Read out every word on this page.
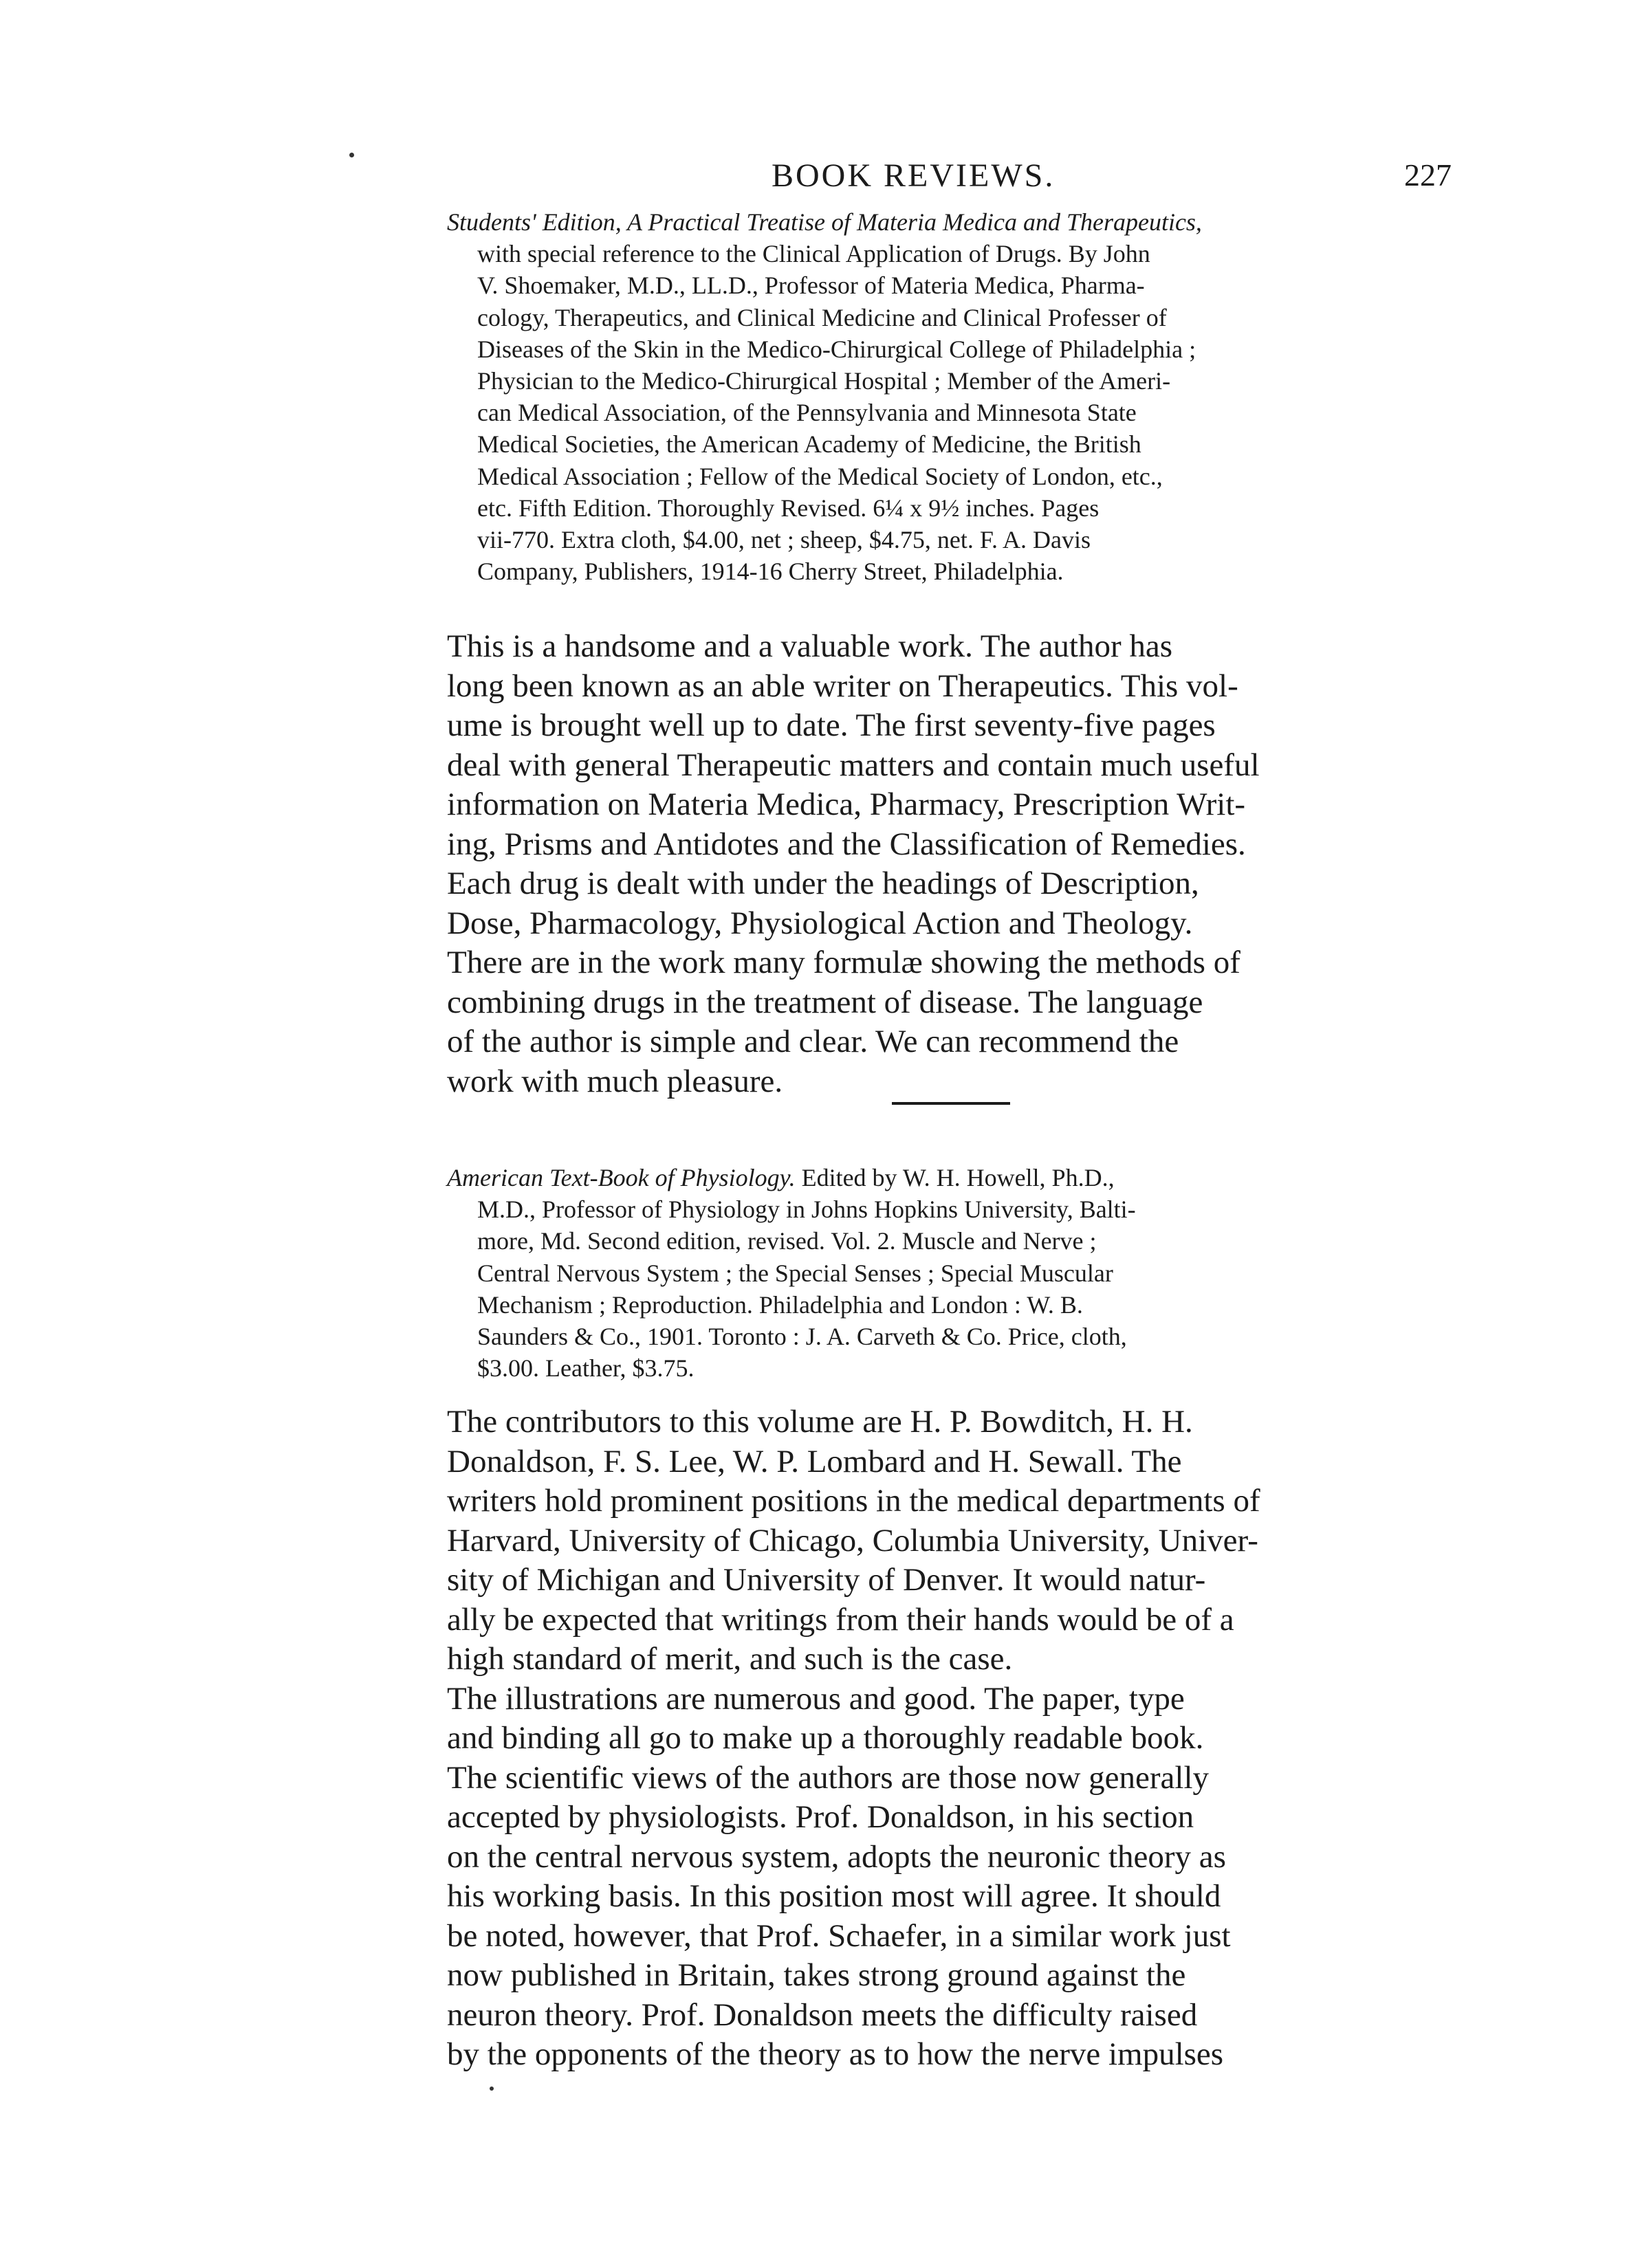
BOOK REVIEWS.	227

Students' Edition, A Practical Treatise of Materia Medica and Therapeutics,
with special reference to the Clinical Application of Drugs. By John
V. Shoemaker, M.D., LL.D., Professor of Materia Medica, Pharma-
cology, Therapeutics, and Clinical Medicine and Clinical Professer of
Diseases of the Skin in the Medico-Chirurgical College of Philadelphia ;
Physician to the Medico-Chirurgical Hospital ; Member of the Ameri-
can Medical Association, of the Pennsylvania and Minnesota State
Medical Societies, the American Academy of Medicine, the British
Medical Association ; Fellow of the Medical Society of London, etc.,
etc. Fifth Edition. Thoroughly Revised. 6¼ x 9½ inches. Pages
vii-770. Extra cloth, $4.00, net ; sheep, $4.75, net. F. A. Davis
Company, Publishers, 1914-16 Cherry Street, Philadelphia.

This is a handsome and a valuable work. The author has
long been known as an able writer on Therapeutics. This vol-
ume is brought well up to date. The first seventy-five pages
deal with general Therapeutic matters and contain much useful
information on Materia Medica, Pharmacy, Prescription Writ-
ing, Prisms and Antidotes and the Classification of Remedies.
Each drug is dealt with under the headings of Description,
Dose, Pharmacology, Physiological Action and Theology.
There are in the work many formulæ showing the methods of
combining drugs in the treatment of disease. The language
of the author is simple and clear. We can recommend the
work with much pleasure.

American Text-Book of Physiology. Edited by W. H. Howell, Ph.D.,
M.D., Professor of Physiology in Johns Hopkins University, Balti-
more, Md. Second edition, revised. Vol. 2. Muscle and Nerve ;
Central Nervous System ; the Special Senses ; Special Muscular
Mechanism ; Reproduction. Philadelphia and London : W. B.
Saunders & Co., 1901. Toronto : J. A. Carveth & Co. Price, cloth,
$3.00. Leather, $3.75.

The contributors to this volume are H. P. Bowditch, H. H.
Donaldson, F. S. Lee, W. P. Lombard and H. Sewall. The
writers hold prominent positions in the medical departments of
Harvard, University of Chicago, Columbia University, Univer-
sity of Michigan and University of Denver. It would natur-
ally be expected that writings from their hands would be of a
high standard of merit, and such is the case.
The illustrations are numerous and good. The paper, type
and binding all go to make up a thoroughly readable book.
The scientific views of the authors are those now generally
accepted by physiologists. Prof. Donaldson, in his section
on the central nervous system, adopts the neuronic theory as
his working basis. In this position most will agree. It should
be noted, however, that Prof. Schaefer, in a similar work just
now published in Britain, takes strong ground against the
neuron theory. Prof. Donaldson meets the difficulty raised
by the opponents of the theory as to how the nerve impulses
